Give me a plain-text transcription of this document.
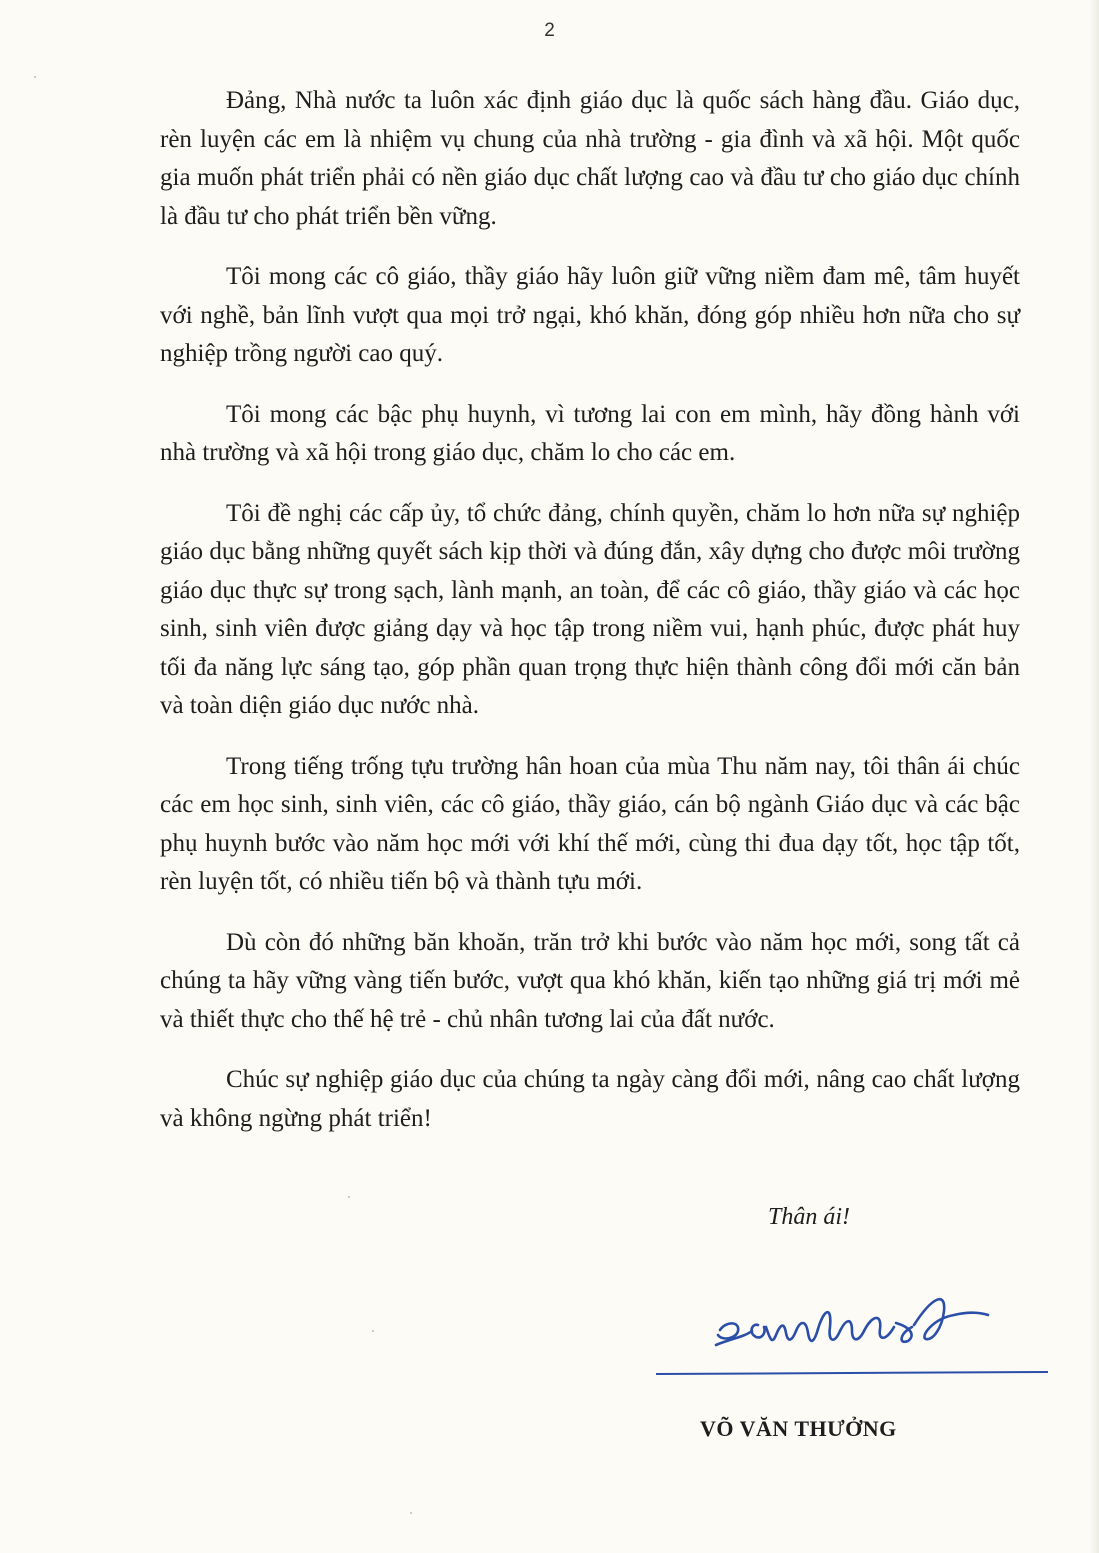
2

Đảng, Nhà nước ta luôn xác định giáo dục là quốc sách hàng đầu. Giáo dục, rèn luyện các em là nhiệm vụ chung của nhà trường - gia đình và xã hội. Một quốc gia muốn phát triển phải có nền giáo dục chất lượng cao và đầu tư cho giáo dục chính là đầu tư cho phát triển bền vững.

Tôi mong các cô giáo, thầy giáo hãy luôn giữ vững niềm đam mê, tâm huyết với nghề, bản lĩnh vượt qua mọi trở ngại, khó khăn, đóng góp nhiều hơn nữa cho sự nghiệp trồng người cao quý.

Tôi mong các bậc phụ huynh, vì tương lai con em mình, hãy đồng hành với nhà trường và xã hội trong giáo dục, chăm lo cho các em.

Tôi đề nghị các cấp ủy, tổ chức đảng, chính quyền, chăm lo hơn nữa sự nghiệp giáo dục bằng những quyết sách kịp thời và đúng đắn, xây dựng cho được môi trường giáo dục thực sự trong sạch, lành mạnh, an toàn, để các cô giáo, thầy giáo và các học sinh, sinh viên được giảng dạy và học tập trong niềm vui, hạnh phúc, được phát huy tối đa năng lực sáng tạo, góp phần quan trọng thực hiện thành công đổi mới căn bản và toàn diện giáo dục nước nhà.

Trong tiếng trống tựu trường hân hoan của mùa Thu năm nay, tôi thân ái chúc các em học sinh, sinh viên, các cô giáo, thầy giáo, cán bộ ngành Giáo dục và các bậc phụ huynh bước vào năm học mới với khí thế mới, cùng thi đua dạy tốt, học tập tốt, rèn luyện tốt, có nhiều tiến bộ và thành tựu mới.

Dù còn đó những băn khoăn, trăn trở khi bước vào năm học mới, song tất cả chúng ta hãy vững vàng tiến bước, vượt qua khó khăn, kiến tạo những giá trị mới mẻ và thiết thực cho thế hệ trẻ - chủ nhân tương lai của đất nước.

Chúc sự nghiệp giáo dục của chúng ta ngày càng đổi mới, nâng cao chất lượng và không ngừng phát triển!

Thân ái!
VÕ VĂN THƯỞNG
